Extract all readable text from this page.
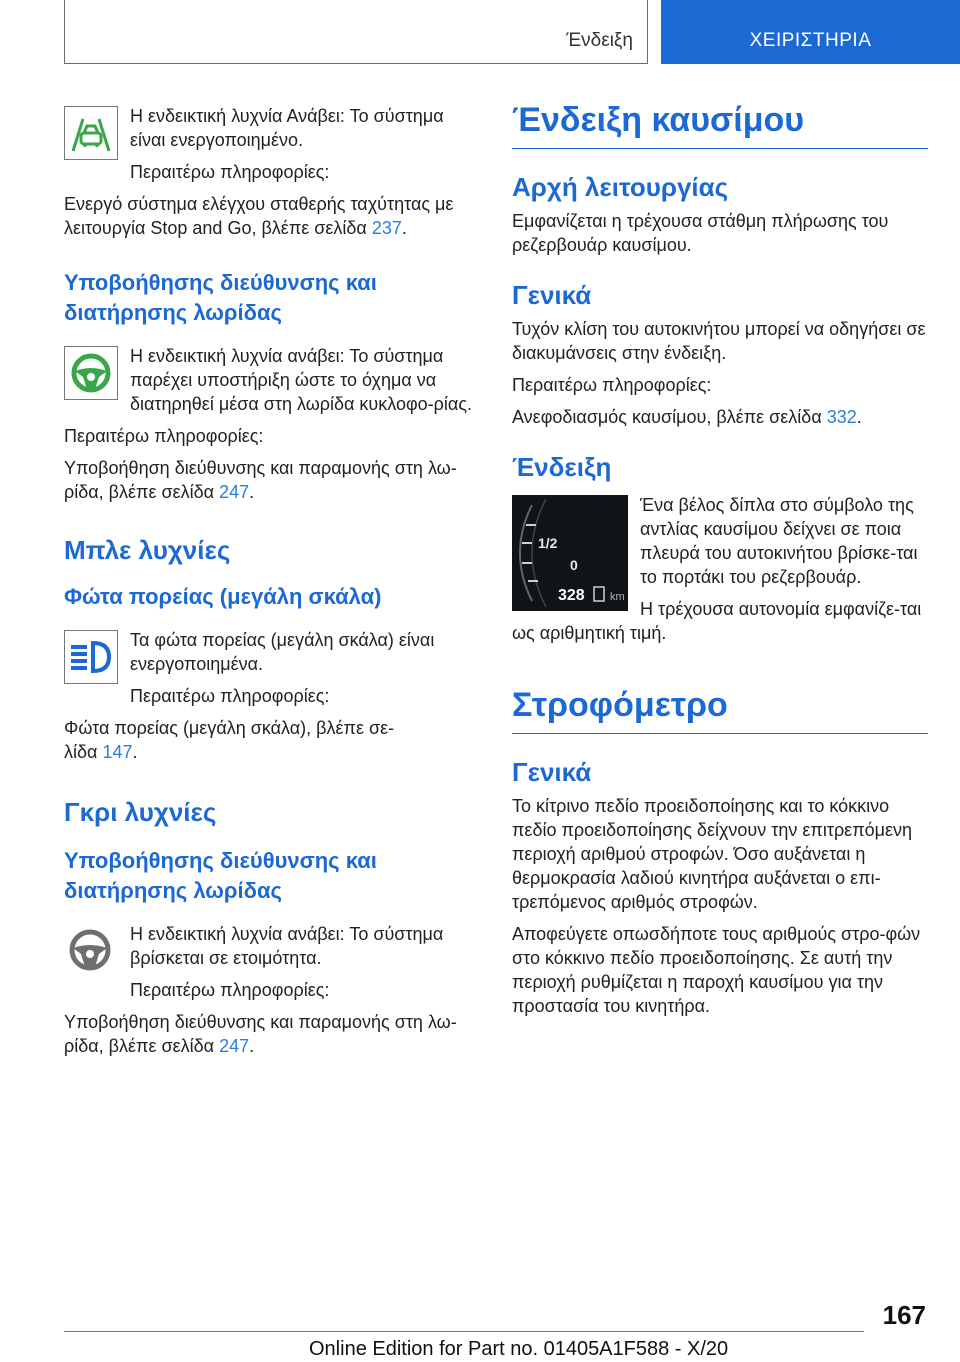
Ένδειξη	ΧΕΙΡΙΣΤΗΡΙΑ

Η ενδεικτική λυχνία Ανάβει: Το σύστημα είναι ενεργοποιημένο.

Περαιτέρω πληροφορίες:

Ενεργό σύστημα ελέγχου σταθερής ταχύτητας με λειτουργία Stop and Go, βλέπε σελίδα 237.

Υποβοήθησης διεύθυνσης και διατήρησης λωρίδας

Η ενδεικτική λυχνία ανάβει: Το σύστημα παρέχει υποστήριξη ώστε το όχημα να διατηρηθεί μέσα στη λωρίδα κυκλοφο-ρίας.

Περαιτέρω πληροφορίες:

Υποβοήθηση διεύθυνσης και παραμονής στη λω-ρίδα, βλέπε σελίδα 247.

Μπλε λυχνίες
Φώτα πορείας (μεγάλη σκάλα)

Τα φώτα πορείας (μεγάλη σκάλα) είναι ενεργοποιημένα.

Περαιτέρω πληροφορίες:

Φώτα πορείας (μεγάλη σκάλα), βλέπε σε-λίδα 147.

Γκρι λυχνίες
Υποβοήθησης διεύθυνσης και διατήρησης λωρίδας

Η ενδεικτική λυχνία ανάβει: Το σύστημα βρίσκεται σε ετοιμότητα.

Περαιτέρω πληροφορίες:

Υποβοήθηση διεύθυνσης και παραμονής στη λω-ρίδα, βλέπε σελίδα 247.

Ένδειξη καυσίμου
Αρχή λειτουργίας

Εμφανίζεται η τρέχουσα στάθμη πλήρωσης του ρεζερβουάρ καυσίμου.

Γενικά

Τυχόν κλίση του αυτοκινήτου μπορεί να οδηγήσει σε διακυμάνσεις στην ένδειξη.

Περαιτέρω πληροφορίες:

Ανεφοδιασμός καυσίμου, βλέπε σελίδα 332.

Ένδειξη
1/2
0
328 km

Ένα βέλος δίπλα στο σύμβολο της αντλίας καυσίμου δείχνει σε ποια πλευρά του αυτοκινήτου βρίσκε-ται το πορτάκι του ρεζερβουάρ.

Η τρέχουσα αυτονομία εμφανίζε-ται ως αριθμητική τιμή.

Στροφόμετρο
Γενικά

Το κίτρινο πεδίο προειδοποίησης και το κόκκινο πεδίο προειδοποίησης δείχνουν την επιτρεπόμενη περιοχή αριθμού στροφών. Όσο αυξάνεται η θερμοκρασία λαδιού κινητήρα αυξάνεται ο επι-τρεπόμενος αριθμός στροφών.

Αποφεύγετε οπωσδήποτε τους αριθμούς στρο-φών στο κόκκινο πεδίο προειδοποίησης. Σε αυτή την περιοχή ρυθμίζεται η παροχή καυσίμου για την προστασία του κινητήρα.

167
Online Edition for Part no. 01405A1F588 - X/20
